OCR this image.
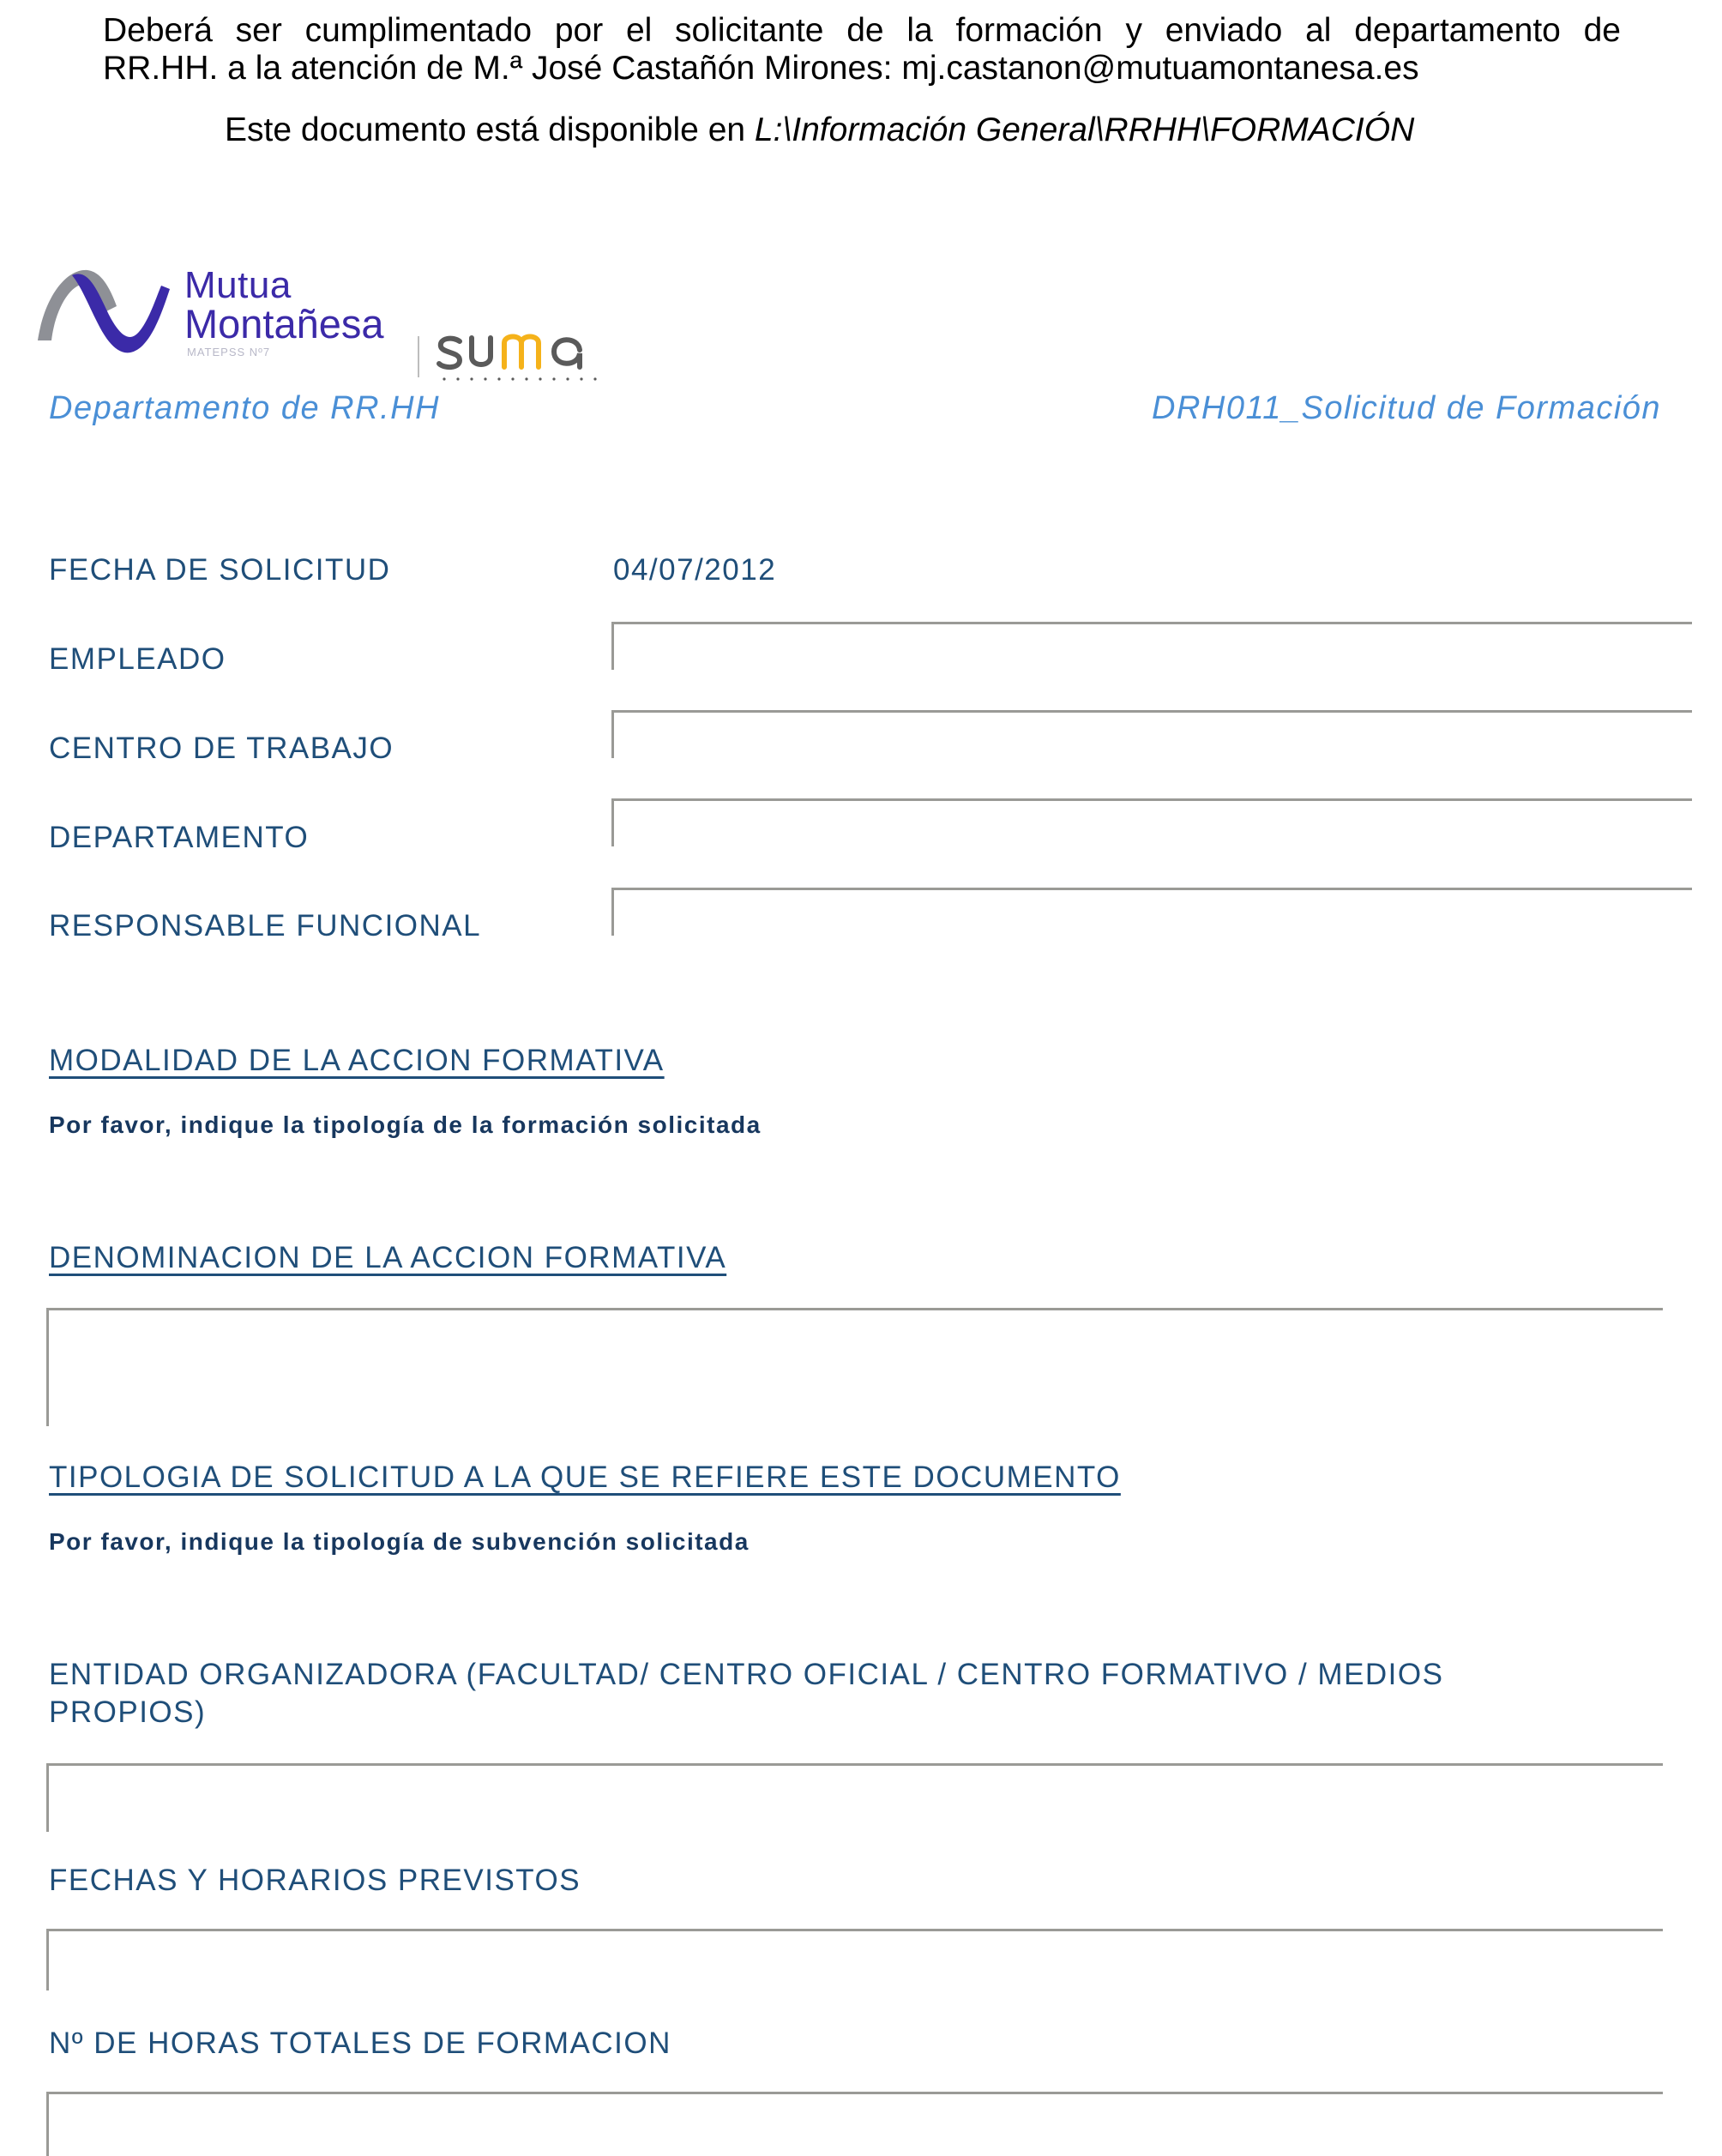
Deberá ser cumplimentado por el solicitante de la formación y enviado al departamento de
RR.HH. a la atención de M.ª José Castañón Mirones: mj.castanon@mutuamontanesa.es
Este documento está disponible en L:\Información General\RRHH\FORMACIÓN
Mutua
Montañesa
MATEPSS Nº7
Departamento de RR.HH	DRH011_Solicitud de Formación
FECHA DE SOLICITUD	04/07/2012
EMPLEADO
CENTRO DE TRABAJO
DEPARTAMENTO
RESPONSABLE FUNCIONAL
MODALIDAD DE LA ACCION FORMATIVA
Por favor, indique la tipología de la formación solicitada
DENOMINACION DE LA ACCION FORMATIVA
TIPOLOGIA DE SOLICITUD A LA QUE SE REFIERE ESTE DOCUMENTO
Por favor, indique la tipología de subvención solicitada
ENTIDAD ORGANIZADORA (FACULTAD/ CENTRO OFICIAL / CENTRO FORMATIVO / MEDIOS PROPIOS)
FECHAS Y HORARIOS PREVISTOS
Nº DE HORAS TOTALES DE FORMACION
